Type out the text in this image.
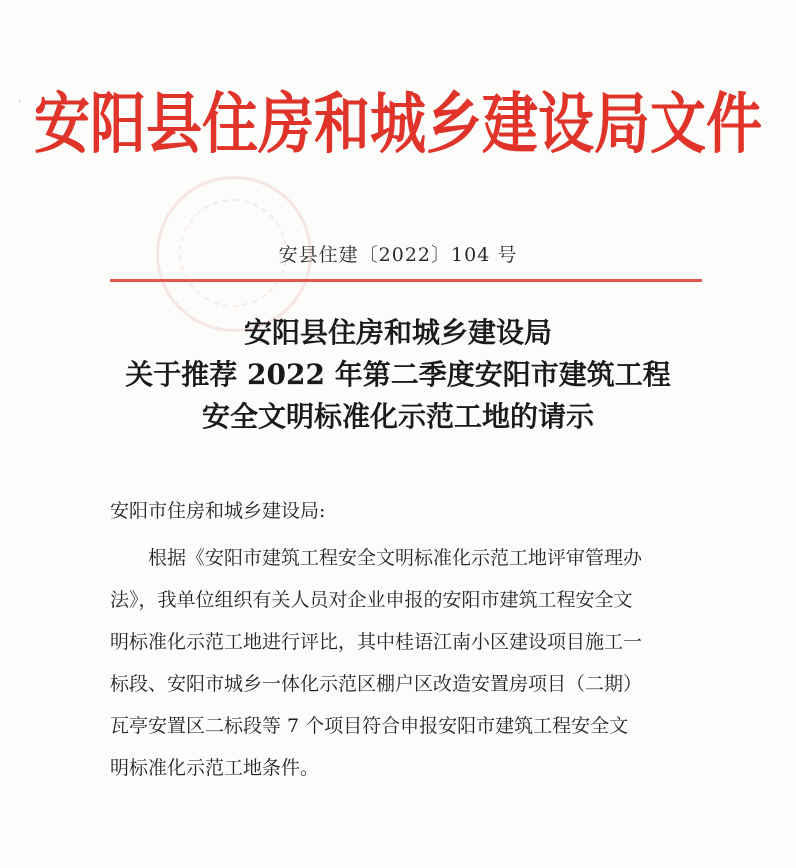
· 安阳县住房和城乡建设局文件
安县住建〔2022〕104 号
安阳县住房和城乡建设局
关于推荐 2022 年第二季度安阳市建筑工程
安全文明标准化示范工地的请示
安阳市住房和城乡建设局:
根据《安阳市建筑工程安全文明标准化示范工地评审管理办
法》，我单位组织有关人员对企业申报的安阳市建筑工程安全文
明标准化示范工地进行评比，其中桂语江南小区建设项目施工一
标段、安阳市城乡一体化示范区棚户区改造安置房项目（二期）
瓦亭安置区二标段等 7 个项目符合申报安阳市建筑工程安全文
明标准化示范工地条件。
